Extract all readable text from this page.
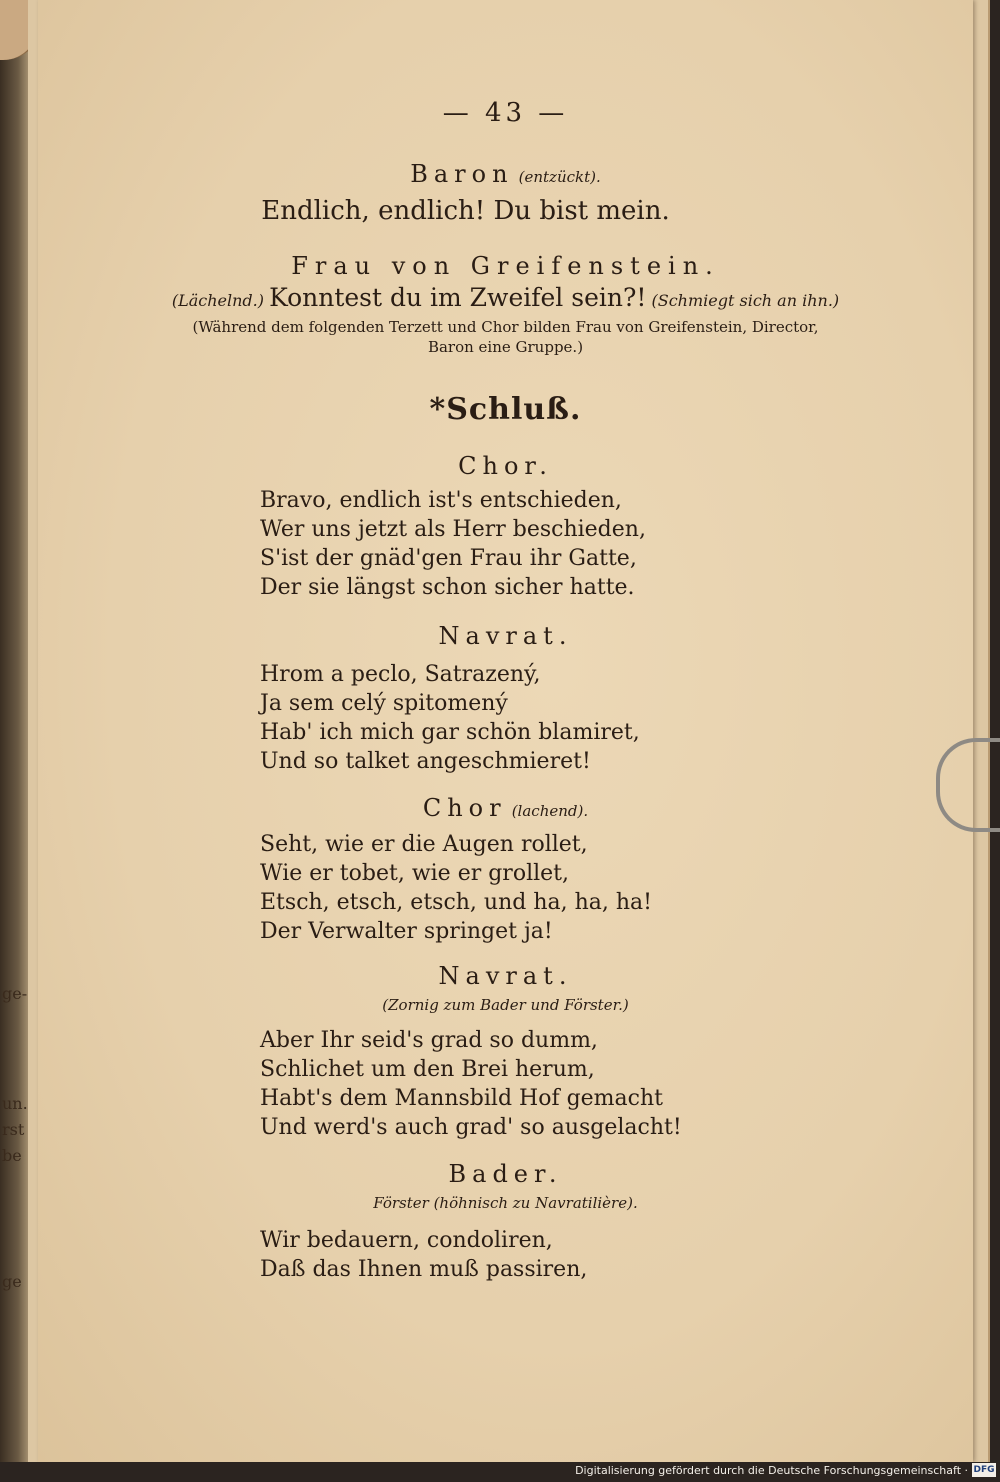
ge-
un.
rst
be
ge
— 43 —
Baron (entzückt).
Endlich, endlich! Du bist mein.
Frau von Greifenstein.
(Lächelnd.) Konntest du im Zweifel sein?! (Schmiegt sich an ihn.)
(Während dem folgenden Terzett und Chor bilden Frau von Greifenstein, Director,
Baron eine Gruppe.)
*Schluß.
Chor.
Bravo, endlich ist's entschieden,
Wer uns jetzt als Herr beschieden,
S'ist der gnäd'gen Frau ihr Gatte,
Der sie längst schon sicher hatte.
Navrat.
Hrom a peclo, Satrazený,
Ja sem celý spitomený
Hab' ich mich gar schön blamiret,
Und so talket angeschmieret!
Chor (lachend).
Seht, wie er die Augen rollet,
Wie er tobet, wie er grollet,
Etsch, etsch, etsch, und ha, ha, ha!
Der Verwalter springet ja!
Navrat.
(Zornig zum Bader und Förster.)
Aber Ihr seid's grad so dumm,
Schlichet um den Brei herum,
Habt's dem Mannsbild Hof gemacht
Und werd's auch grad' so ausgelacht!
Bader.
Förster (höhnisch zu Navratilière).
Wir bedauern, condoliren,
Daß das Ihnen muß passiren,
Digitalisierung gefördert durch die Deutsche Forschungsgemeinschaft · DFG
